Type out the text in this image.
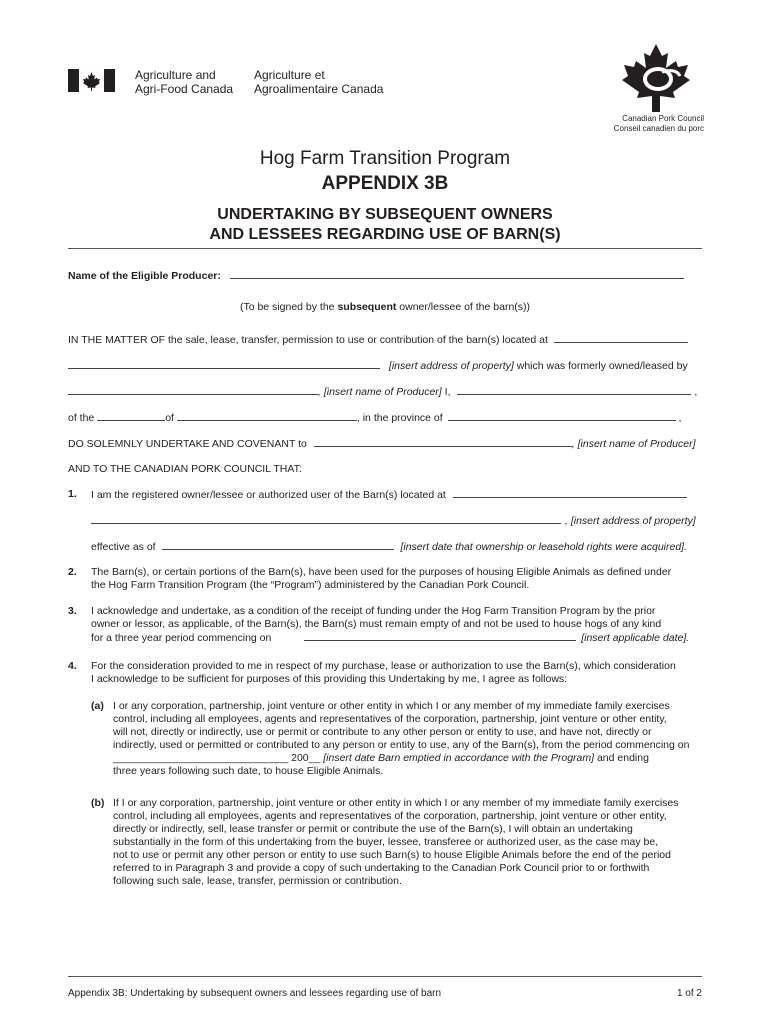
Agriculture and
Agri-Food Canada
Agriculture et
Agroalimentaire Canada
Canadian Pork Council
Conseil canadien du porc
Hog Farm Transition Program
APPENDIX 3B
UNDERTAKING BY SUBSEQUENT OWNERS
AND LESSEES REGARDING USE OF BARN(S)
Name of the Eligible Producer:
(To be signed by the subsequent owner/lessee of the barn(s))
IN THE MATTER OF the sale, lease, transfer, permission to use or contribution of the barn(s) located at
[insert address of property] which was formerly owned/leased by
, [insert name of Producer] I,	,
of the	of	, in the province of	,
DO SOLEMNLY UNDERTAKE AND COVENANT to	, [insert name of Producer]
AND TO THE CANADIAN PORK COUNCIL THAT:
1. I am the registered owner/lessee or authorized user of the Barn(s) located at
, [insert address of property]
effective as of	[insert date that ownership or leasehold rights were acquired].
2. The Barn(s), or certain portions of the Barn(s), have been used for the purposes of housing Eligible Animals as defined under
the Hog Farm Transition Program (the “Program”) administered by the Canadian Pork Council.
3. I acknowledge and undertake, as a condition of the receipt of funding under the Hog Farm Transition Program by the prior
owner or lessor, as applicable, of the Barn(s), the Barn(s) must remain empty of and not be used to house hogs of any kind
for a three year period commencing on	[insert applicable date].
4. For the consideration provided to me in respect of my purchase, lease or authorization to use the Barn(s), which consideration
I acknowledge to be sufficient for purposes of this providing this Undertaking by me, I agree as follows:
(a) I or any corporation, partnership, joint venture or other entity in which I or any member of my immediate family exercises
control, including all employees, agents and representatives of the corporation, partnership, joint venture or other entity,
will not, directly or indirectly, use or permit or contribute to any other person or entity to use, and have not, directly or
indirectly, used or permitted or contributed to any person or entity to use, any of the Barn(s), from the period commencing on
______________________________ 200__ [insert date Barn emptied in accordance with the Program] and ending
three years following such date, to house Eligible Animals.
(b) If I or any corporation, partnership, joint venture or other entity in which I or any member of my immediate family exercises
control, including all employees, agents and representatives of the corporation, partnership, joint venture or other entity,
directly or indirectly, sell, lease transfer or permit or contribute the use of the Barn(s), I will obtain an undertaking
substantially in the form of this undertaking from the buyer, lessee, transferee or authorized user, as the case may be,
not to use or permit any other person or entity to use such Barn(s) to house Eligible Animals before the end of the period
referred to in Paragraph 3 and provide a copy of such undertaking to the Canadian Pork Council prior to or forthwith
following such sale, lease, transfer, permission or contribution.
Appendix 3B: Undertaking by subsequent owners and lessees regarding use of barn	1 of 2
